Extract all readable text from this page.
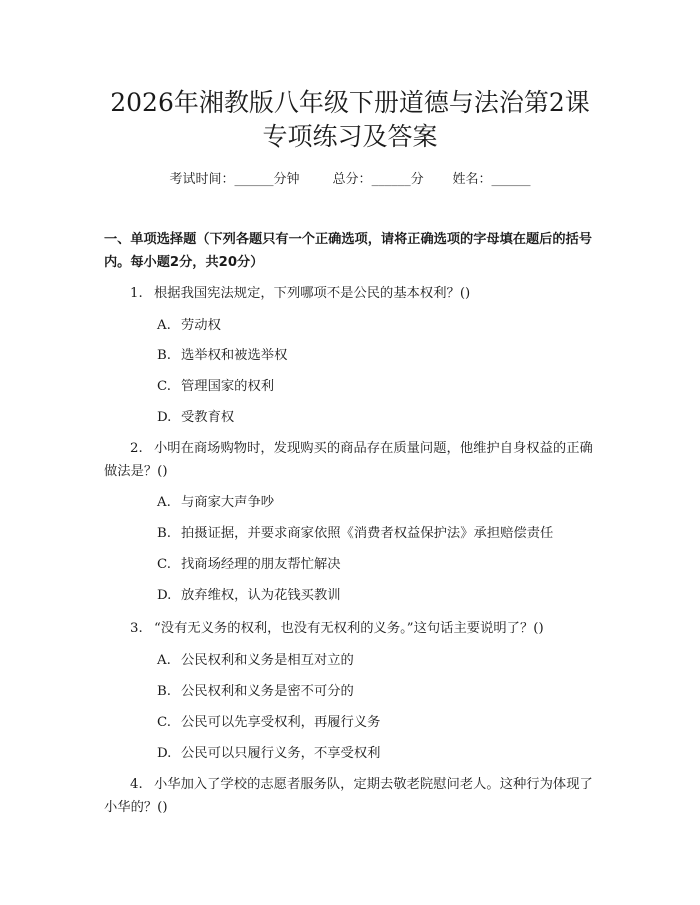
2026年湘教版八年级下册道德与法治第2课
专项练习及答案
考试时间：______分钟	总分：______分 姓名：______

一、单项选择题（下列各题只有一个正确选项，请将正确选项的字母填在题后的括号内。每小题2分，共20分）

1. 根据我国宪法规定，下列哪项不是公民的基本权利？()

A. 劳动权

B. 选举权和被选举权

C. 管理国家的权利

D. 受教育权

2. 小明在商场购物时，发现购买的商品存在质量问题，他维护自身权益的正确做法是？()

A. 与商家大声争吵

B. 拍摄证据，并要求商家依照《消费者权益保护法》承担赔偿责任

C. 找商场经理的朋友帮忙解决

D. 放弃维权，认为花钱买教训

3. “没有无义务的权利，也没有无权利的义务。”这句话主要说明了？()

A. 公民权利和义务是相互对立的

B. 公民权利和义务是密不可分的

C. 公民可以先享受权利，再履行义务

D. 公民可以只履行义务，不享受权利

4. 小华加入了学校的志愿者服务队，定期去敬老院慰问老人。这种行为体现了小华的？()
